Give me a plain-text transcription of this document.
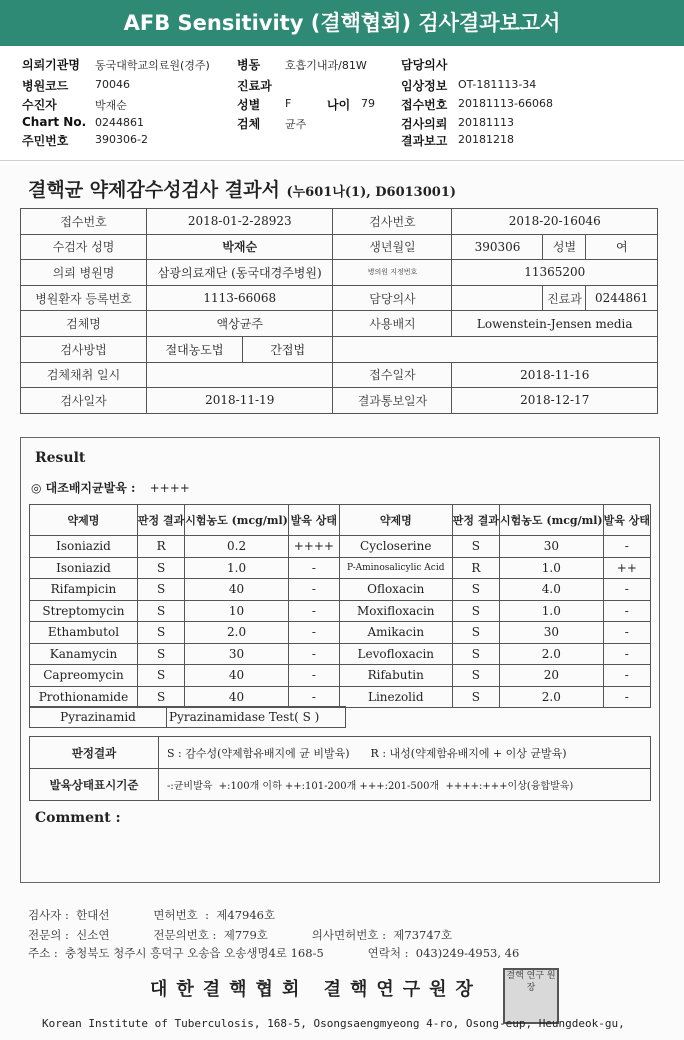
AFB Sensitivity (결핵협회) 검사결과보고서
의뢰기관명 동국대학교의료원(경주)
병원코드 70046
수진자	박재순
Chart No. 0244861
주민번호 390306-2
병동 호흡기내과/81W
진료과
성별 F	나이 79
검체 균주
담당의사
임상정보 OT-181113-34
접수번호 20181113-66068
검사의뢰 20181113
결과보고 20181218
결핵균 약제감수성검사 결과서 (누601나(1), D6013001)
접수번호	2018-01-2-28923		검사번호	2018-20-16046		
수검자 성명	박재순		생년월일	390306	성별	여
의뢰 병원명	삼광의료재단 (동국대경주병원)		병의원 지정번호	11365200		
병원환자 등록번호	1113-66068		담당의사		진료과	0244861
검체명	액상균주		사용배지	Lowenstein-Jensen media		
검사방법	절대농도법	간접법				
검체채취 일시			접수일자	2018-11-16		
검사일자	2018-11-19		결과통보일자	2018-12-17		
Result
◎ 대조배지균발육 : ++++
약제명	판정 결과	시험농도 (mcg/ml)	발육 상태	약제명	판정 결과	시험농도 (mcg/ml)	발육 상태
Isoniazid	R	0.2	++++	Cycloserine	S	30	-
Isoniazid	S	1.0	-	P-Aminosalicylic Acid	R	1.0	++
Rifampicin	S	40	-	Ofloxacin	S	4.0	-
Streptomycin	S	10	-	Moxifloxacin	S	1.0	-
Ethambutol	S	2.0	-	Amikacin	S	30	-
Kanamycin	S	30	-	Levofloxacin	S	2.0	-
Capreomycin	S	40	-	Rifabutin	S	20	-
Prothionamide	S	40	-	Linezolid	S	2.0	-
Pyrazinamid	Pyrazinamidase Test( S )
판정결과	S : 감수성(약제함유배지에 균 비발육)      R : 내성(약제함유배지에 + 이상 균발육)
발육상태표시기준	-:균비발육  +:100개 이하 ++:101-200개 +++:201-500개  ++++:+++이상(융합발육)
Comment :
검사자 :  한대선            면허번호  :  제47946호
전문의 :  신소연            전문의번호 :  제779호            의사면허번호 :  제73747호
주소 :  충청북도 청주시 흥덕구 오송읍 오송생명4로 168-5            연락처 :  043)249-4953, 46
대한결핵협회 결핵연구원장
결핵 연구 원장
Korean Institute of Tuberculosis, 168-5, Osongsaengmyeong 4-ro, Osong-eup, Heungdeok-gu,
